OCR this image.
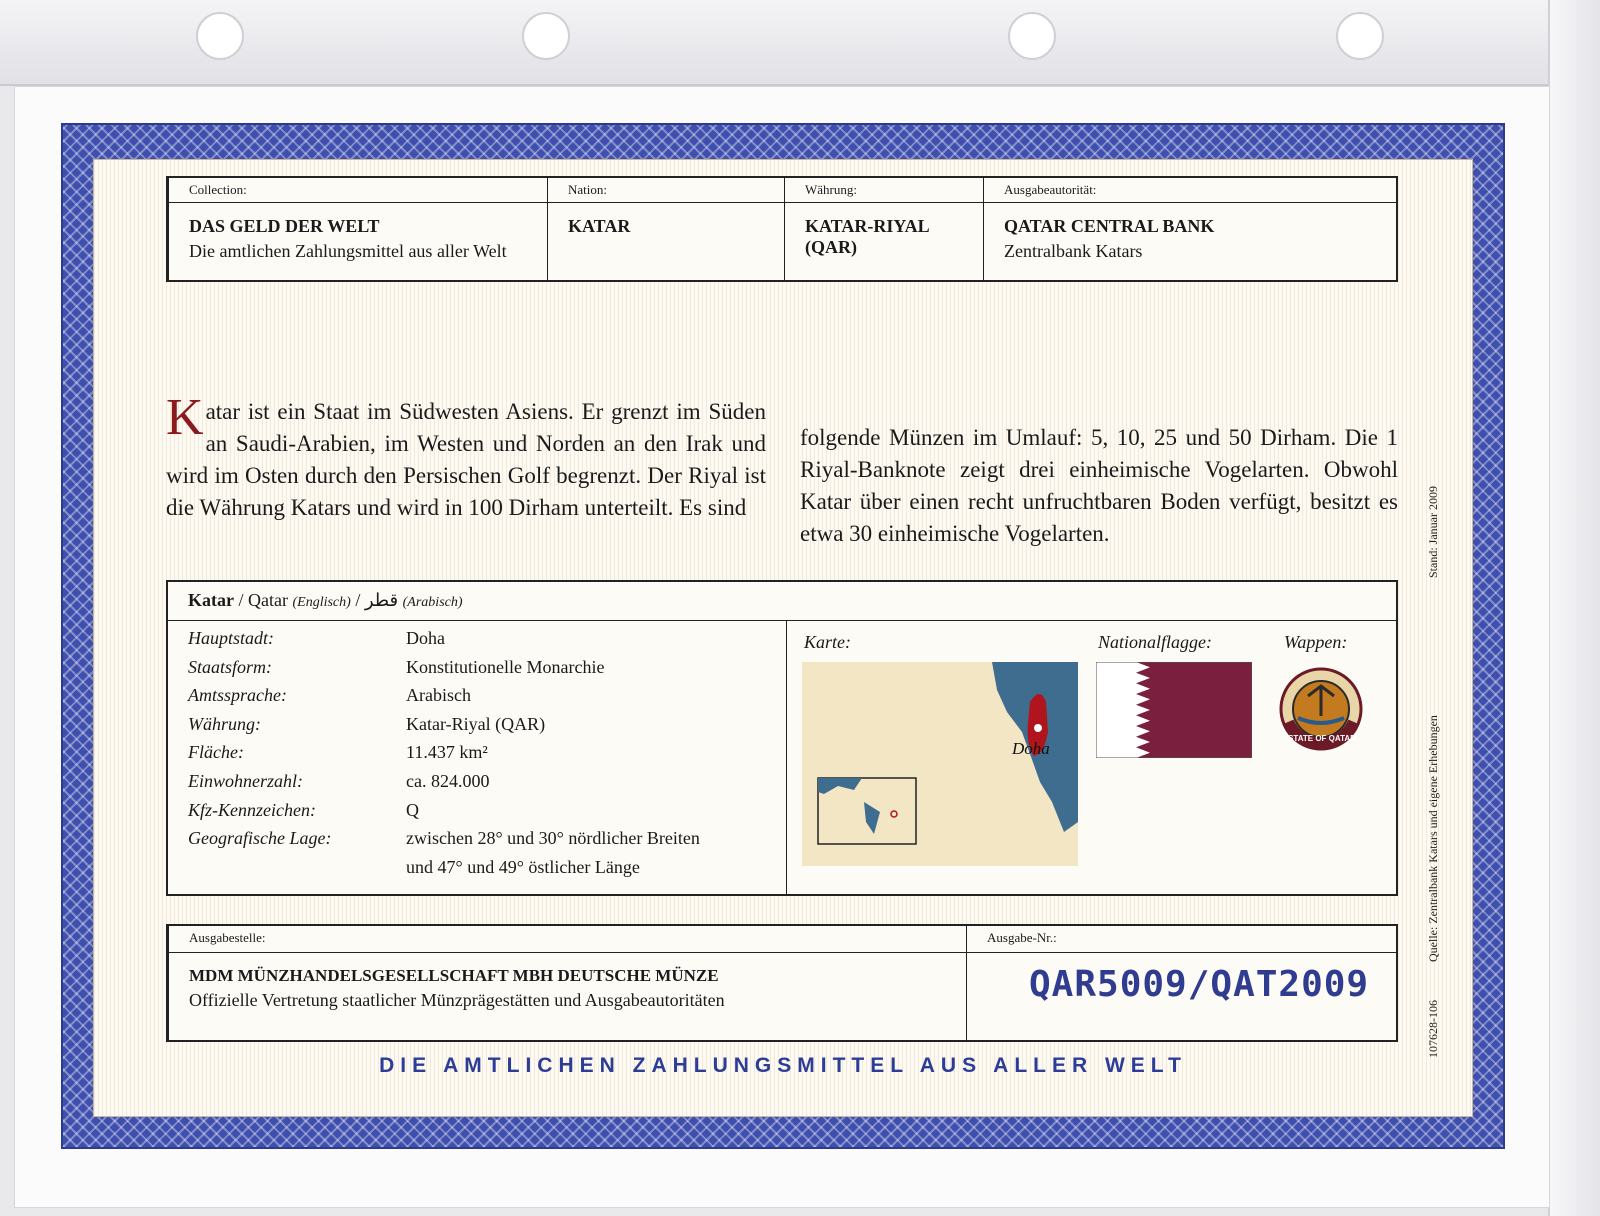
Collection:
DAS GELD DER WELT
Die amtlichen Zahlungsmittel aus aller Welt
Nation:
KATAR
Währung:
KATAR-RIYAL (QAR)
Ausgabeautorität:
QATAR CENTRAL BANK
Zentralbank Katars
Katar ist ein Staat im Südwesten Asiens. Er grenzt im Süden an Saudi-Arabien, im Westen und Norden an den Irak und wird im Osten durch den Persischen Golf begrenzt. Der Riyal ist die Währung Katars und wird in 100 Dirham unterteilt. Es sind
folgende Münzen im Umlauf: 5, 10, 25 und 50 Dirham. Die 1 Riyal-Banknote zeigt drei einheimische Vogelarten. Obwohl Katar über einen recht unfruchtbaren Boden verfügt, besitzt es etwa 30 einheimische Vogelarten.
Katar / Qatar (Englisch) / قطر (Arabisch)
Hauptstadt:	Doha
Staatsform:	Konstitutionelle Monarchie
Amtssprache:	Arabisch
Währung:	Katar-Riyal (QAR)
Fläche:	11.437 km²
Einwohnerzahl:	ca. 824.000
Kfz-Kennzeichen:	Q
Geografische Lage:	zwischen 28° und 30° nördlicher Breiten
und 47° und 49° östlicher Länge
Karte:
Doha
Nationalflagge:	Wappen:
STATE OF QATAR
Ausgabestelle:
MDM MÜNZHANDELSGESELLSCHAFT MBH DEUTSCHE MÜNZE
Offizielle Vertretung staatlicher Münzprägestätten und Ausgabeautoritäten
Ausgabe-Nr.:
QAR5009/QAT2009
DIE AMTLICHEN ZAHLUNGSMITTEL AUS ALLER WELT
Stand: Januar 2009
Quelle: Zentralbank Katars und eigene Erhebungen
107628-106
